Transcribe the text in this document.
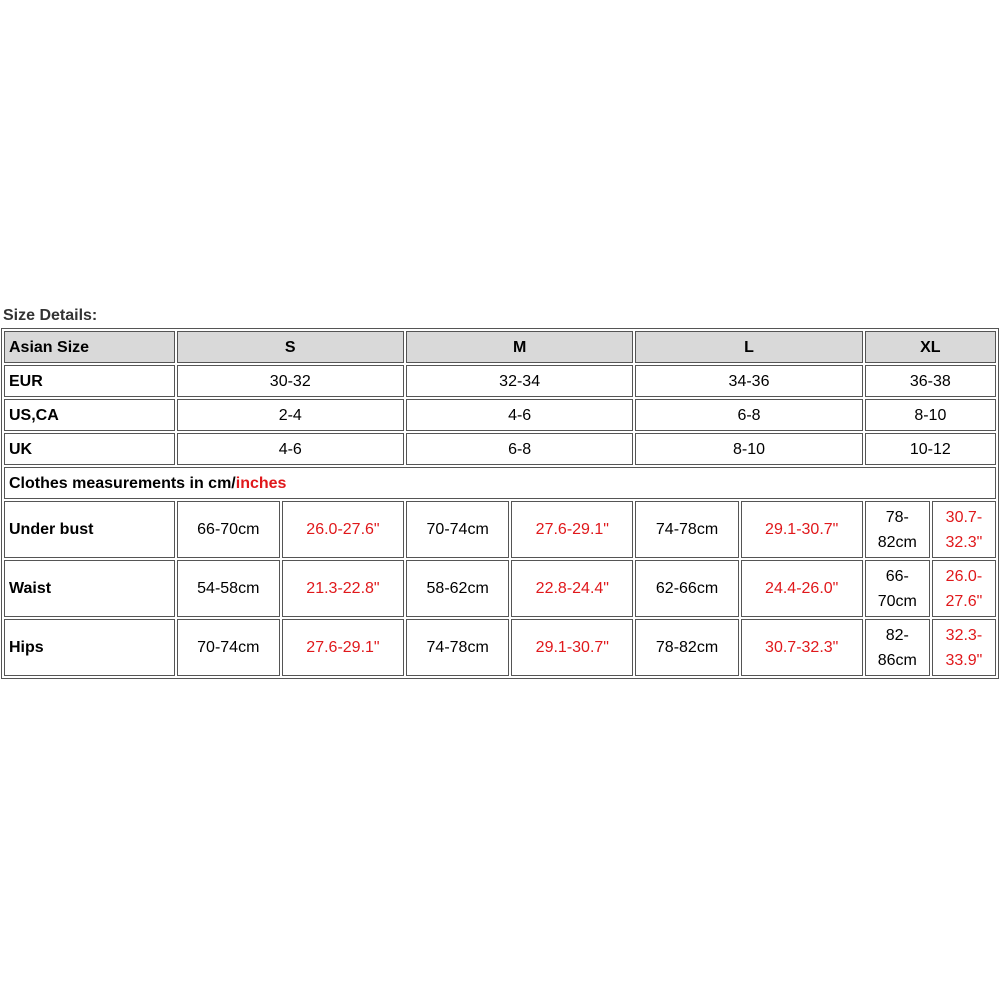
Size Details:
Asian Size	S		M		L		XL	
EUR	30-32		32-34		34-36		36-38	
US,CA	2-4		4-6		6-8		8-10	
UK	4-6		6-8		8-10		10-12	
Clothes measurements in cm/inches								
Under bust	66-70cm	26.0-27.6"	70-74cm	27.6-29.1"	74-78cm	29.1-30.7"	78-82cm	30.7-32.3"
Waist	54-58cm	21.3-22.8"	58-62cm	22.8-24.4"	62-66cm	24.4-26.0"	66-70cm	26.0-27.6"
Hips	70-74cm	27.6-29.1"	74-78cm	29.1-30.7"	78-82cm	30.7-32.3"	82-86cm	32.3-33.9"
